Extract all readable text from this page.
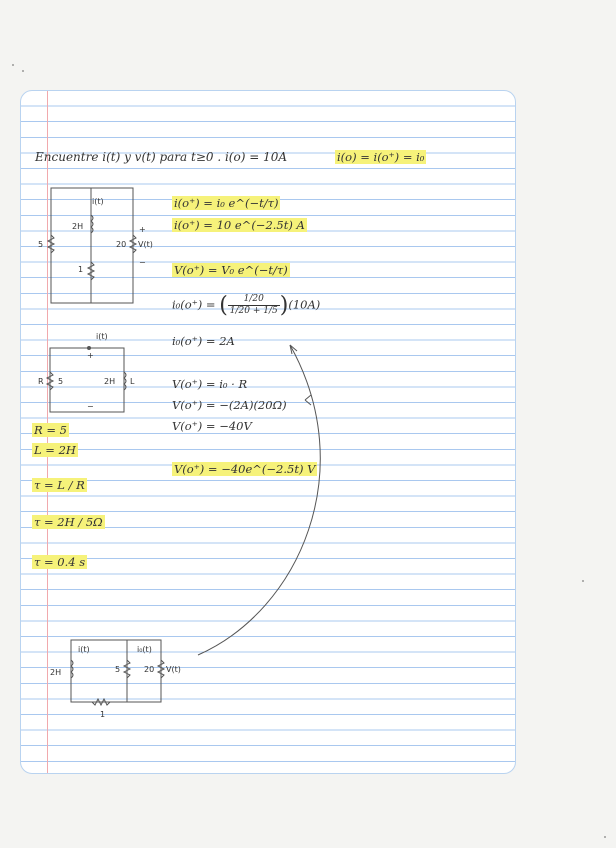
Encuentre i(t) y v(t) para t≥0 . i(o) = 10A	i(o) = i(o⁺) = i₀
i(t)
2H
5	20 V(t)
+
−
1
i(t)
+
R 5	2H L
−
i(t)	i₀(t)
2H	5	20 V(t)
1
i(o⁺) = i₀ e^(−t/τ)
i(o⁺) = 10 e^(−2.5t) A
V(o⁺) = V₀ e^(−t/τ)
i₀(o⁺) = ( $\frac{1/20}{1/20 + 1/5} )(10A)$
i₀(o⁺) = 2A
V(o⁺) = i₀ · R
V(o⁺) = −(2A)(20Ω)
V(o⁺) = −40V
V(o⁺) = −40e^(−2.5t) V
R = 5
L = 2H
τ = L / R
τ = 2H / 5Ω
τ = 0.4 s
